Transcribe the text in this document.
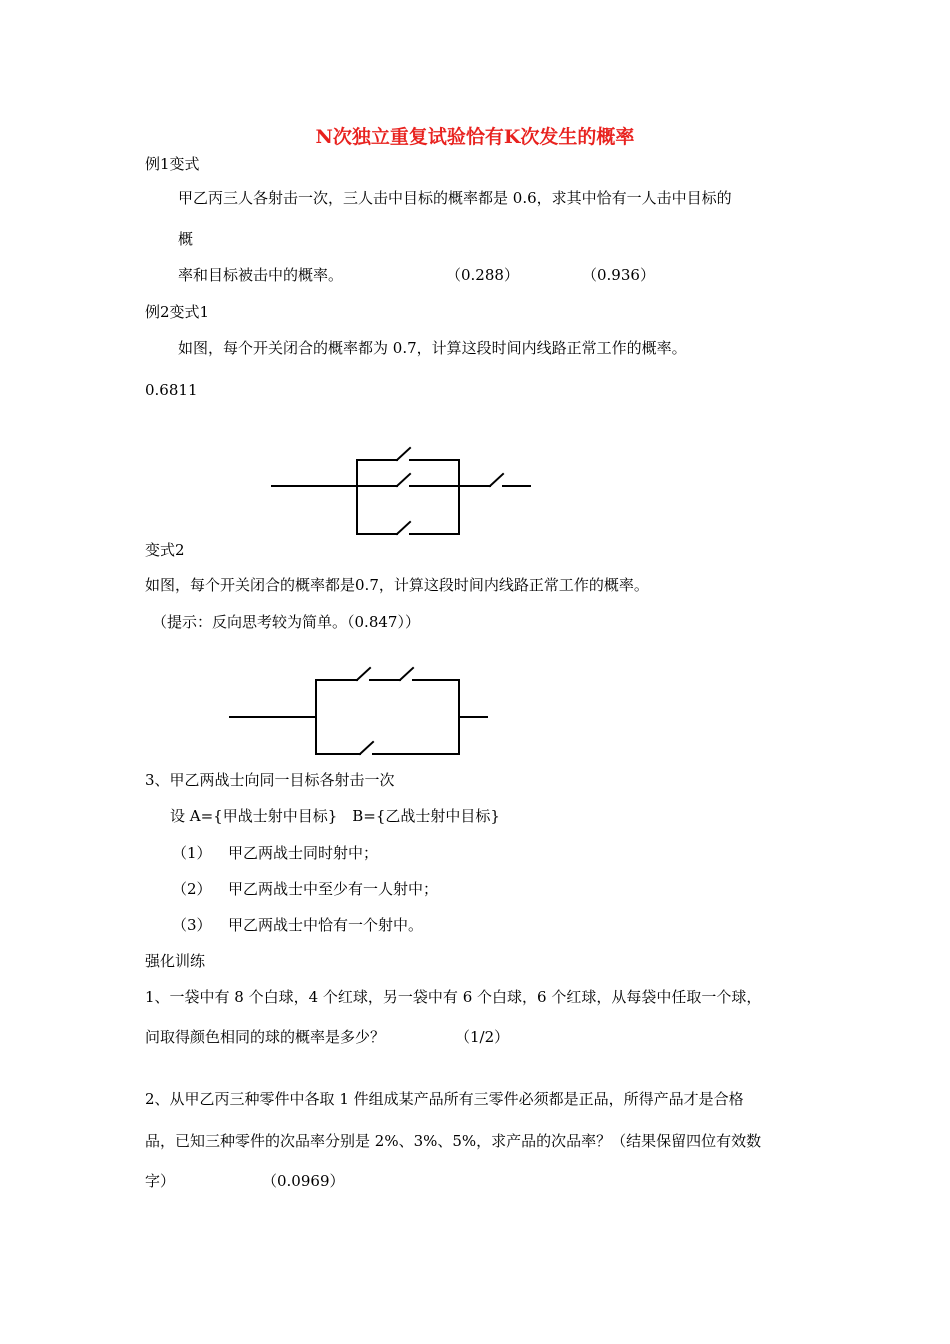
N次独立重复试验恰有K次发生的概率

例1变式

甲乙丙三人各射击一次，三人击中目标的概率都是 0.6，求其中恰有一人击中目标的

概

率和目标被击中的概率。	（0.288）	（0.936）

例2变式1

如图，每个开关闭合的概率都为 0.7，计算这段时间内线路正常工作的概率。

0.6811

变式2

如图，每个开关闭合的概率都是0.7，计算这段时间内线路正常工作的概率。

（提示：反向思考较为简单。（0.847））

3、甲乙两战士向同一目标各射击一次

设 A={甲战士射中目标}　B={乙战士射中目标}

（1） 甲乙两战士同时射中；

（2） 甲乙两战士中至少有一人射中；

（3） 甲乙两战士中恰有一个射中。

强化训练

1、一袋中有 8 个白球，4 个红球，另一袋中有 6 个白球，6 个红球，从每袋中任取一个球，

问取得颜色相同的球的概率是多少？	（1/2）

2、从甲乙丙三种零件中各取 1 件组成某产品所有三零件必须都是正品，所得产品才是合格

品，已知三种零件的次品率分别是 2%、3%、5%，求产品的次品率？（结果保留四位有效数

字）	（0.0969）
